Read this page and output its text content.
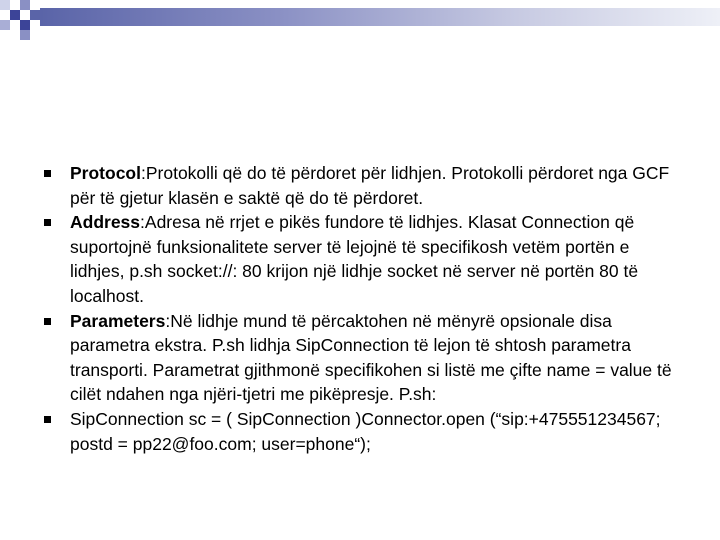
Protocol:Protokolli që do të përdoret për lidhjen. Protokolli përdoret nga GCF për të gjetur klasën e saktë që do të përdoret.
Address:Adresa në rrjet e pikës fundore të lidhjes. Klasat Connection që suportojnë funksionalitete server të lejojnë të specifikosh vetëm portën e lidhjes, p.sh socket://: 80 krijon një lidhje socket në server në portën 80 të localhost.
Parameters:Në lidhje mund të përcaktohen në mënyrë opsionale disa parametra ekstra. P.sh lidhja SipConnection të lejon të shtosh parametra transporti. Parametrat gjithmonë specifikohen si listë me çifte name = value të cilët ndahen nga njëri-tjetri me pikëpresje. P.sh:
SipConnection sc = ( SipConnection )Connector.open (“sip:+475551234567; postd = pp22@foo.com; user=phone“);
